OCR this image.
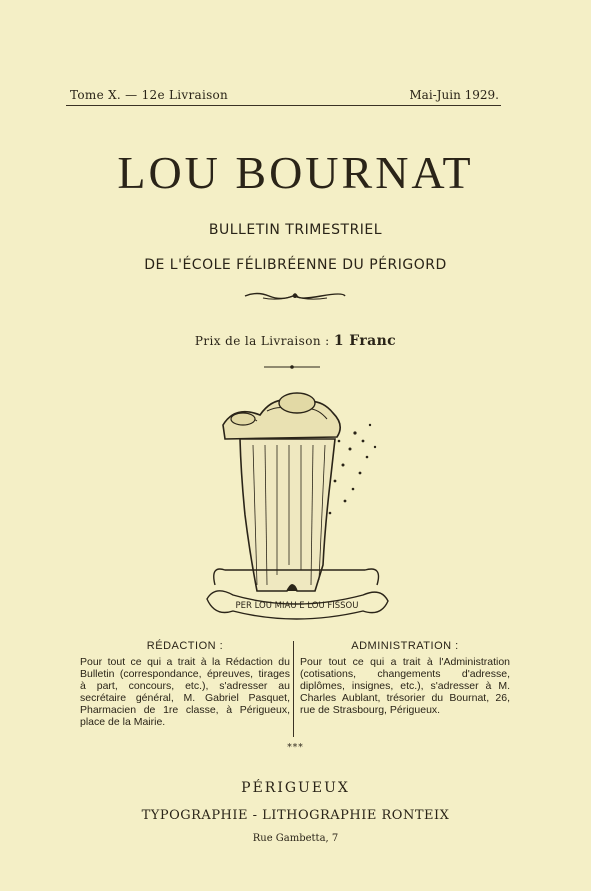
Tome X. — 12e Livraison	Mai-Juin 1929.
LOU BOURNAT
BULLETIN TRIMESTRIEL
DE L'ÉCOLE FÉLIBRÉENNE DU PÉRIGORD
Prix de la Livraison : 1 Franc
PER LOU MIAU E LOU FISSOU
RÉDACTION :

Pour tout ce qui a trait à la Rédaction du Bulletin (correspondance, épreuves, tirages à part, concours, etc.), s'adresser au secrétaire général, M. Gabriel Pasquet, Pharmacien de 1re classe, à Périgueux, place de la Mairie.

ADMINISTRATION :

Pour tout ce qui a trait à l'Administration (cotisations, changements d'adresse, diplômes, insignes, etc.), s'adresser à M. Charles Aublant, trésorier du Bournat, 26, rue de Strasbourg, Périgueux.

***
PÉRIGUEUX
TYPOGRAPHIE - LITHOGRAPHIE RONTEIX
Rue Gambetta, 7
